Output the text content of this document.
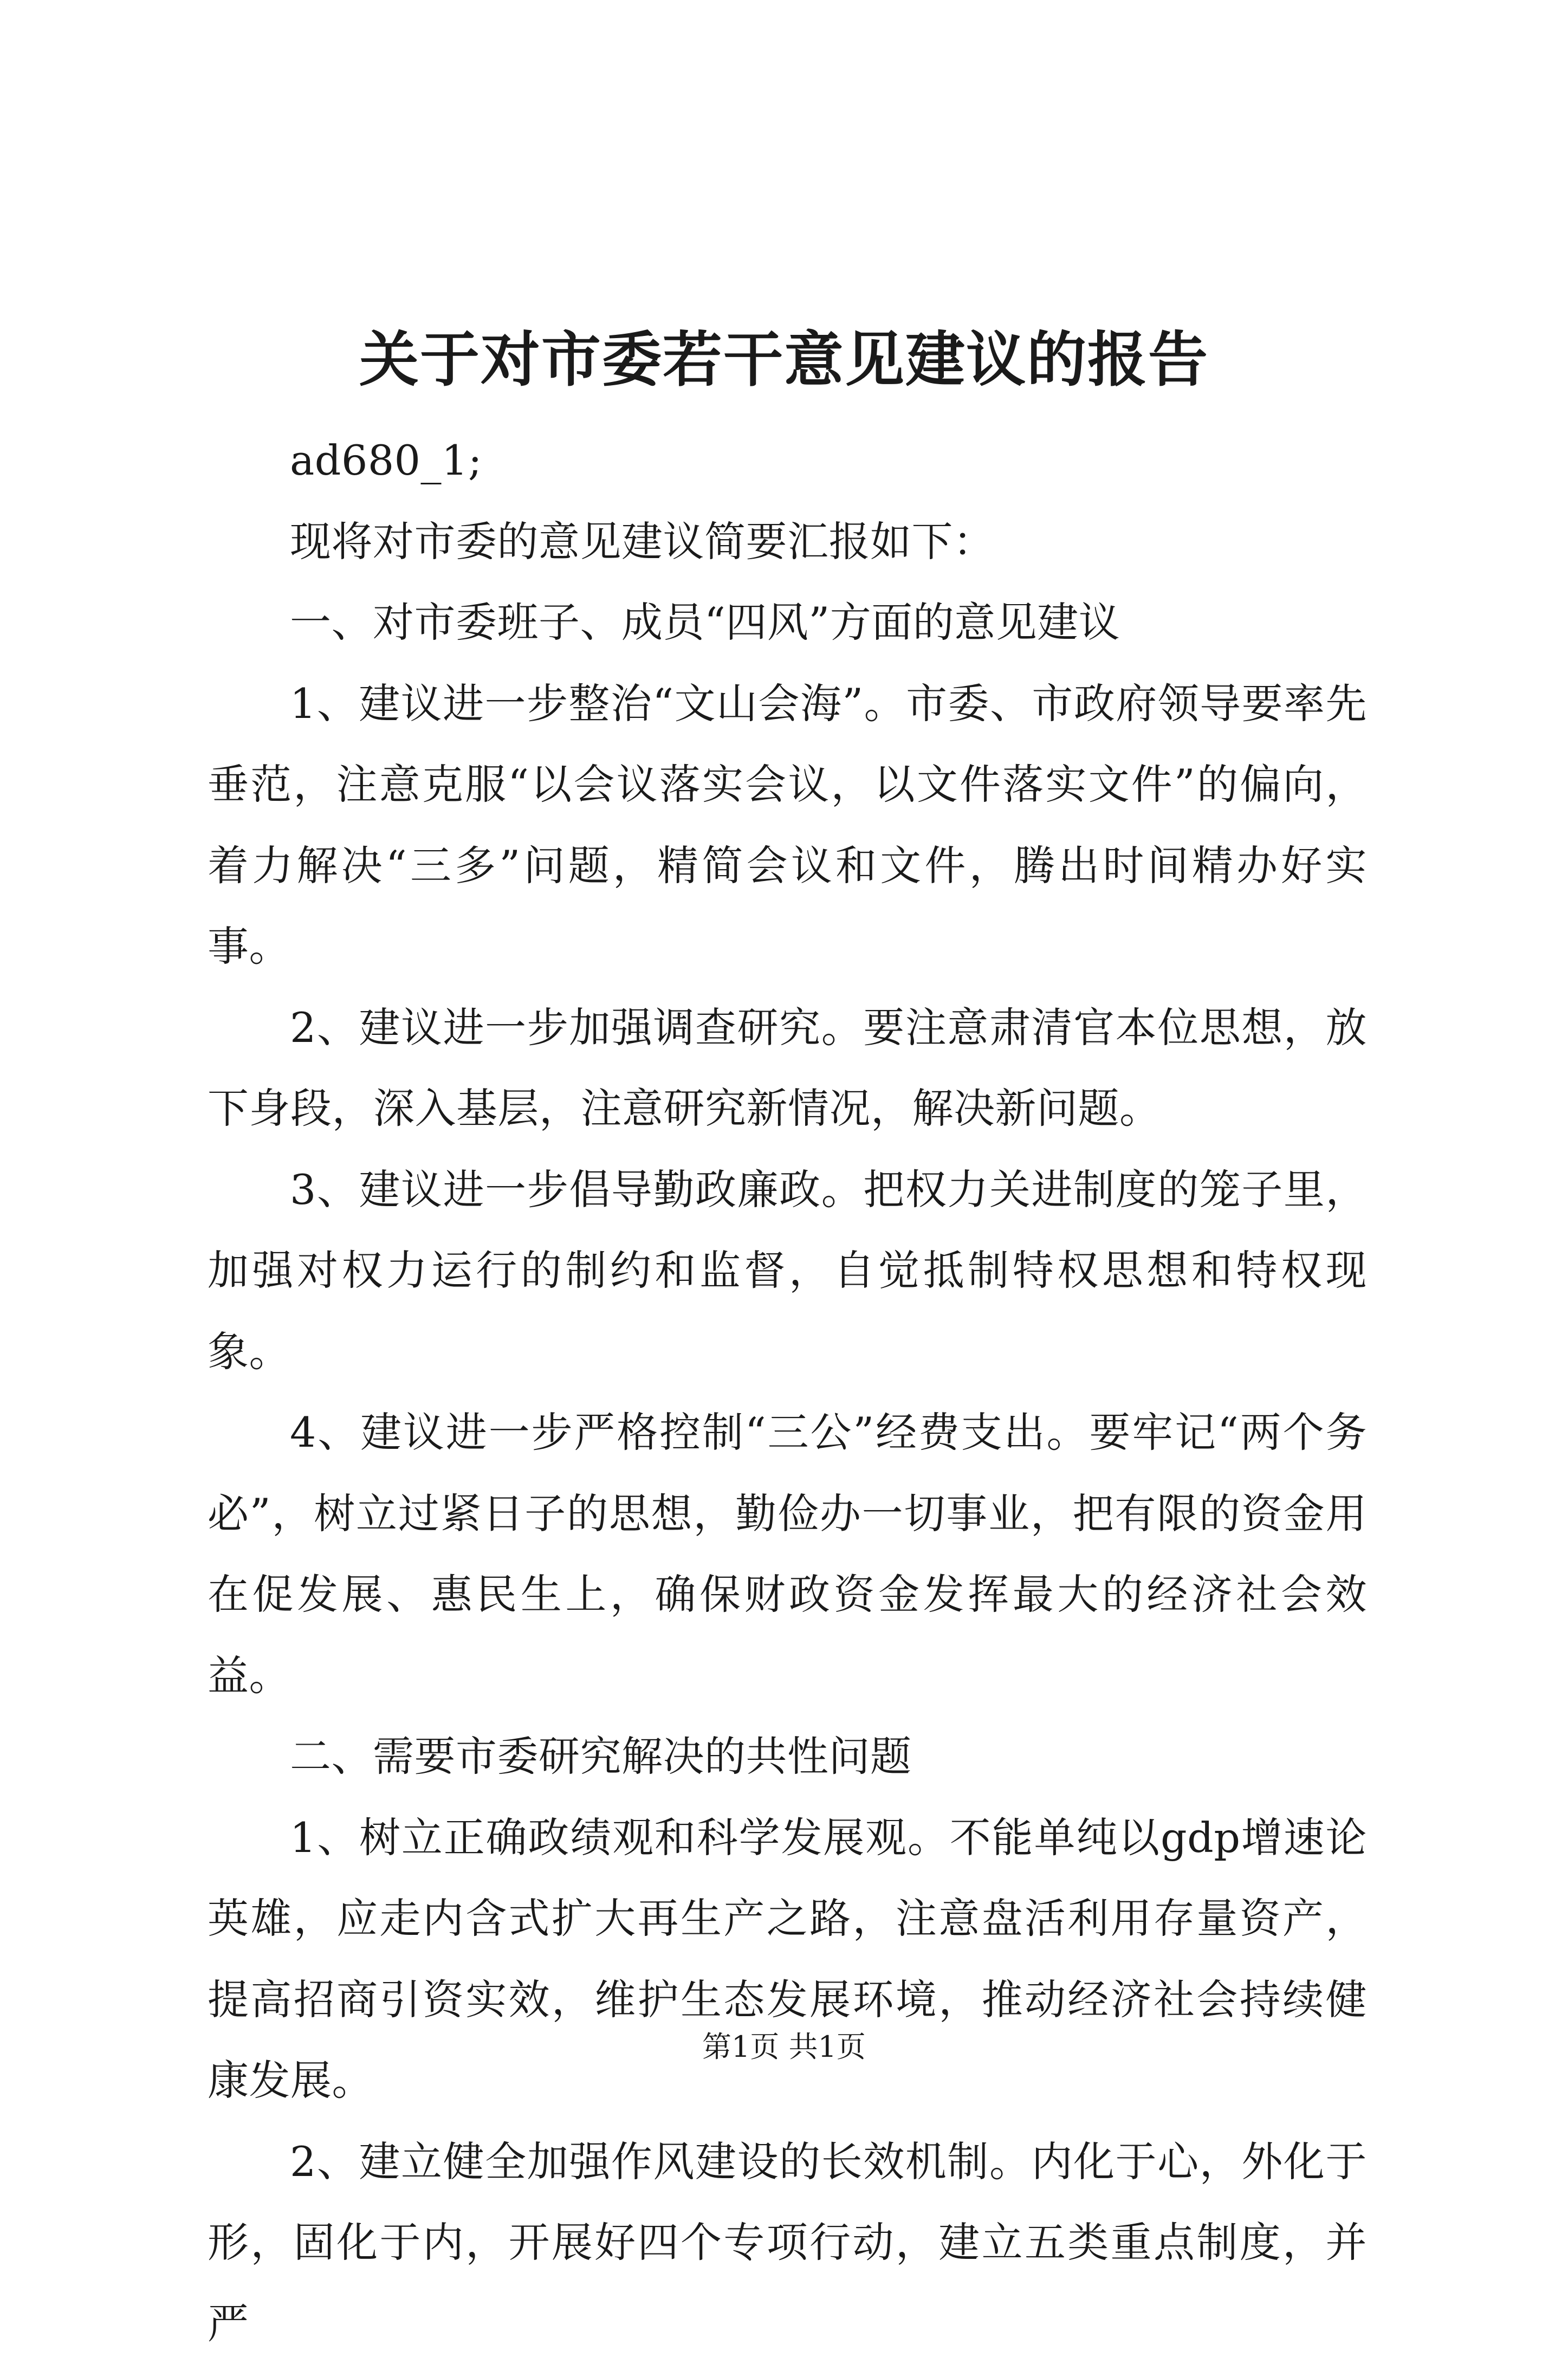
关于对市委若干意见建议的报告

ad680_1;

现将对市委的意见建议简要汇报如下：

一、对市委班子、成员“四风”方面的意见建议

1、建议进一步整治“文山会海”。市委、市政府领导要率先垂范，注意克服“以会议落实会议，以文件落实文件”的偏向，着力解决“三多”问题，精简会议和文件，腾出时间精办好实事。

2、建议进一步加强调查研究。要注意肃清官本位思想，放下身段，深入基层，注意研究新情况，解决新问题。

3、建议进一步倡导勤政廉政。把权力关进制度的笼子里，加强对权力运行的制约和监督，自觉抵制特权思想和特权现象。

4、建议进一步严格控制“三公”经费支出。要牢记“两个务必”，树立过紧日子的思想，勤俭办一切事业，把有限的资金用在促发展、惠民生上，确保财政资金发挥最大的经济社会效益。

二、需要市委研究解决的共性问题

1、树立正确政绩观和科学发展观。不能单纯以gdp增速论英雄，应走内含式扩大再生产之路，注意盘活利用存量资产，提高招商引资实效，维护生态发展环境，推动经济社会持续健康发展。

2、建立健全加强作风建设的长效机制。内化于心，外化于形，固化于内，开展好四个专项行动，建立五类重点制度，并严

第1页 共1页
